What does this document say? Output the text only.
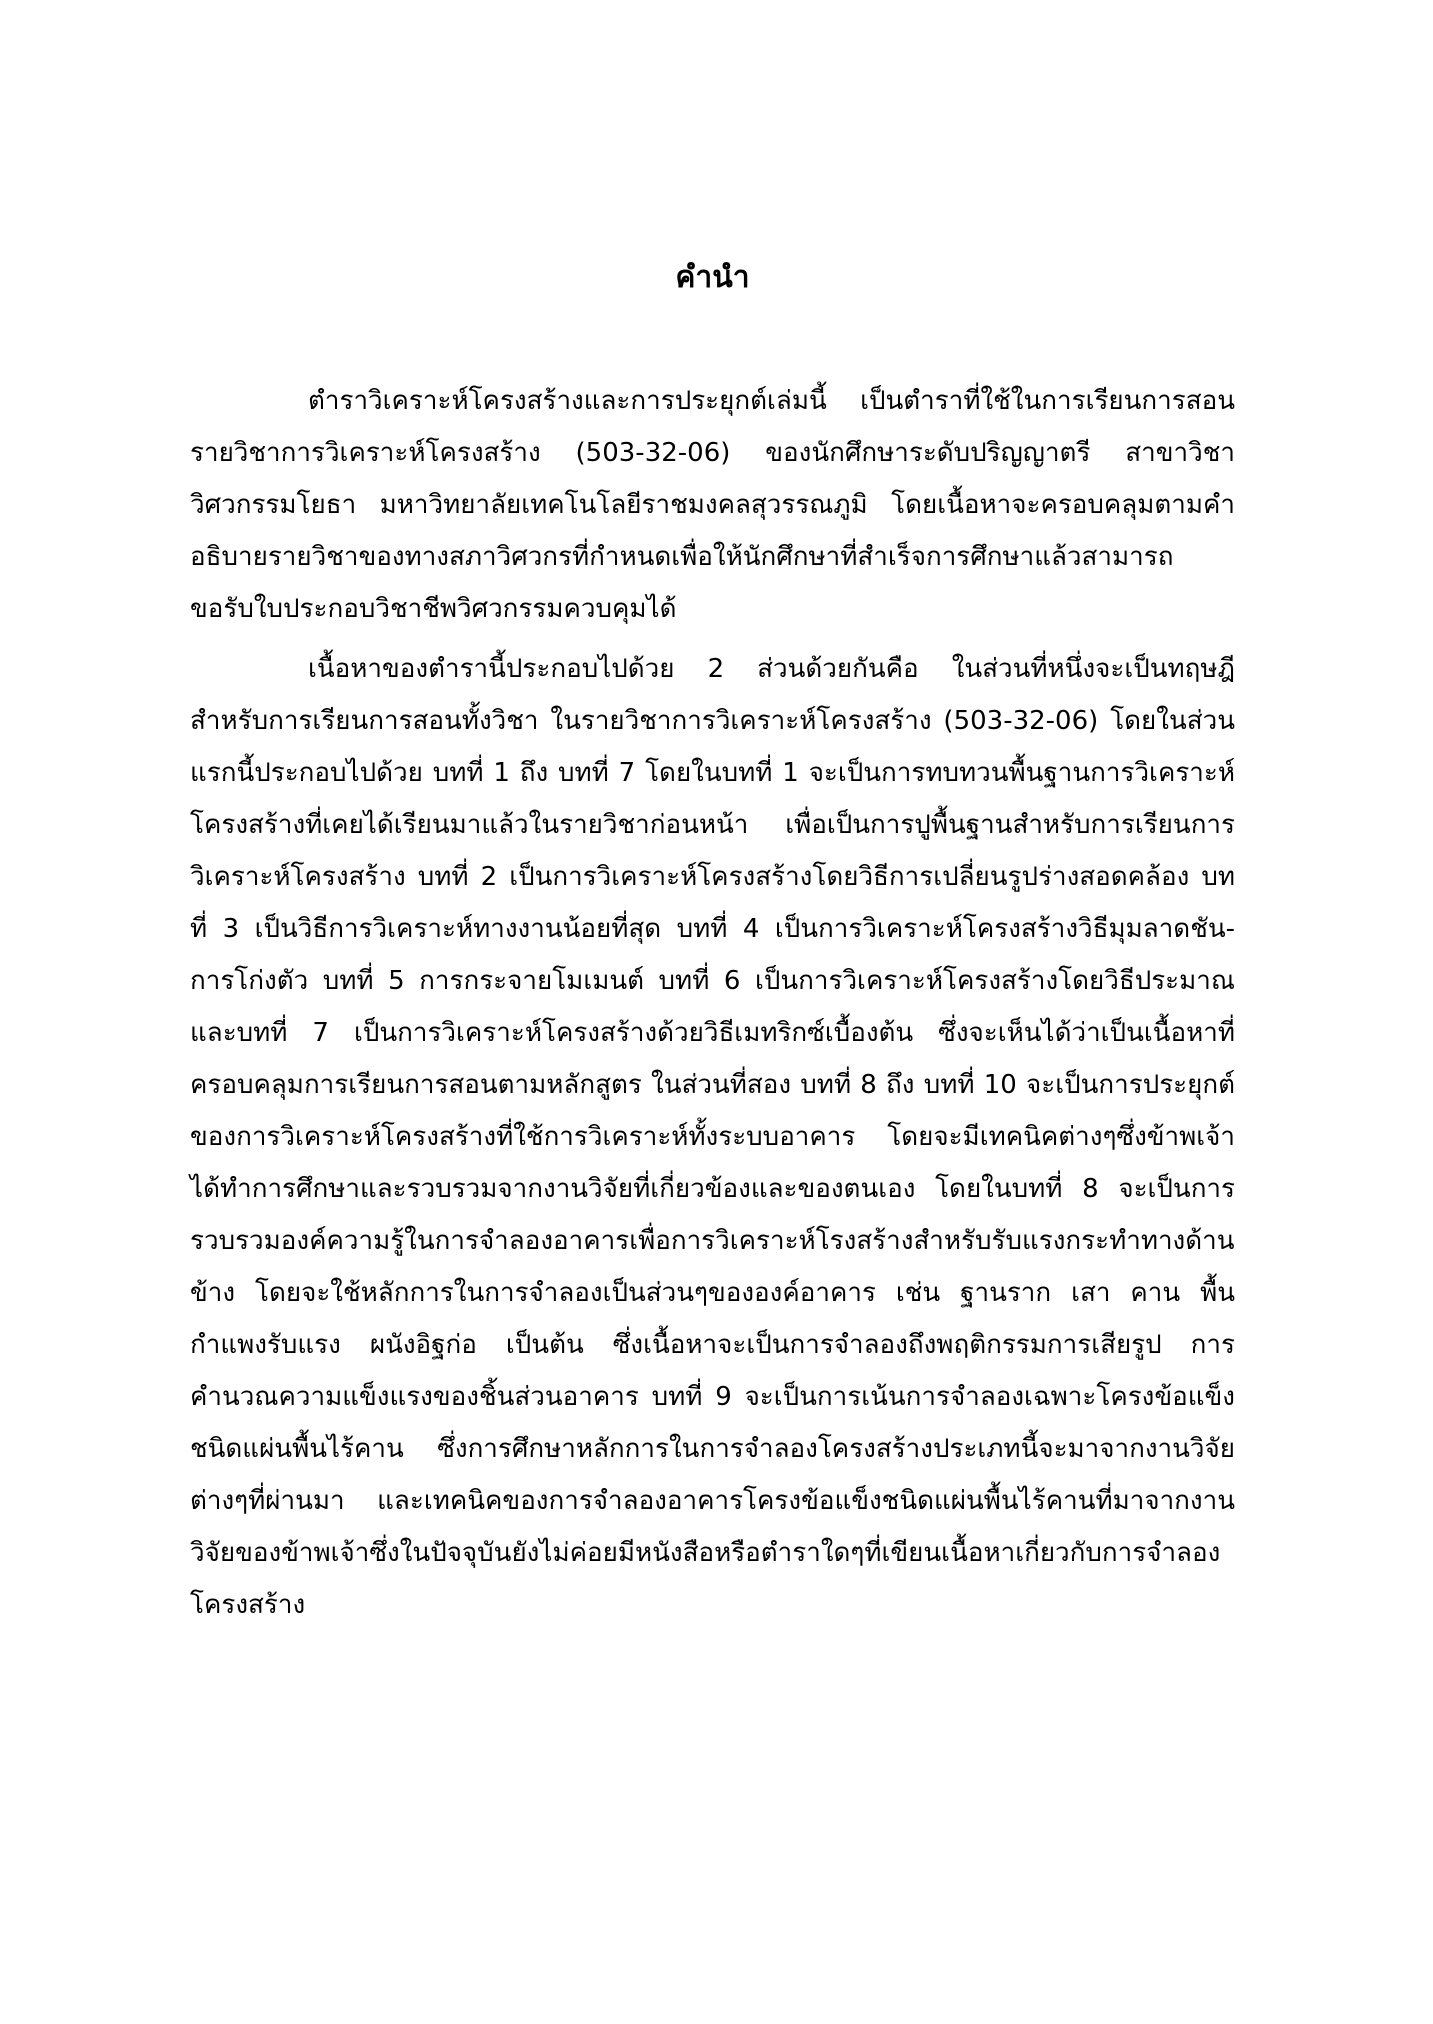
คำนำ

ตำราวิเคราะห์โครงสร้างและการประยุกต์เล่มนี้ เป็นตำราที่ใช้ในการเรียนการสอนรายวิชาการวิเคราะห์โครงสร้าง (503-32-06) ของนักศึกษาระดับปริญญาตรี สาขาวิชาวิศวกรรมโยธา มหาวิทยาลัยเทคโนโลยีราชมงคลสุวรรณภูมิ โดยเนื้อหาจะครอบคลุมตามคำอธิบายรายวิชาของทางสภาวิศวกรที่กำหนดเพื่อให้นักศึกษาที่สำเร็จการศึกษาแล้วสามารถขอรับใบประกอบวิชาชีพวิศวกรรมควบคุมได้

เนื้อหาของตำรานี้ประกอบไปด้วย 2 ส่วนด้วยกันคือ ในส่วนที่หนึ่งจะเป็นทฤษฎีสำหรับการเรียนการสอนทั้งวิชา ในรายวิชาการวิเคราะห์โครงสร้าง (503-32-06) โดยในส่วนแรกนี้ประกอบไปด้วย บทที่ 1 ถึง บทที่ 7 โดยในบทที่ 1 จะเป็นการทบทวนพื้นฐานการวิเคราะห์โครงสร้างที่เคยได้เรียนมาแล้วในรายวิชาก่อนหน้า เพื่อเป็นการปูพื้นฐานสำหรับการเรียนการวิเคราะห์โครงสร้าง บทที่ 2 เป็นการวิเคราะห์โครงสร้างโดยวิธีการเปลี่ยนรูปร่างสอดคล้อง บทที่ 3 เป็นวิธีการวิเคราะห์ทางงานน้อยที่สุด บทที่ 4 เป็นการวิเคราะห์โครงสร้างวิธีมุมลาดชัน-การโก่งตัว บทที่ 5 การกระจายโมเมนต์ บทที่ 6 เป็นการวิเคราะห์โครงสร้างโดยวิธีประมาณ และบทที่ 7 เป็นการวิเคราะห์โครงสร้างด้วยวิธีเมทริกซ์เบื้องต้น ซึ่งจะเห็นได้ว่าเป็นเนื้อหาที่ครอบคลุมการเรียนการสอนตามหลักสูตร ในส่วนที่สอง บทที่ 8 ถึง บทที่ 10 จะเป็นการประยุกต์ของการวิเคราะห์โครงสร้างที่ใช้การวิเคราะห์ทั้งระบบอาคาร โดยจะมีเทคนิคต่างๆซึ่งข้าพเจ้าได้ทำการศึกษาและรวบรวมจากงานวิจัยที่เกี่ยวข้องและของตนเอง โดยในบทที่ 8 จะเป็นการรวบรวมองค์ความรู้ในการจำลองอาคารเพื่อการวิเคราะห์โรงสร้างสำหรับรับแรงกระทำทางด้านข้าง โดยจะใช้หลักการในการจำลองเป็นส่วนๆขององค์อาคาร เช่น ฐานราก เสา คาน พื้น กำแพงรับแรง ผนังอิฐก่อ เป็นต้น ซึ่งเนื้อหาจะเป็นการจำลองถึงพฤติกรรมการเสียรูป การคำนวณความแข็งแรงของชิ้นส่วนอาคาร บทที่ 9 จะเป็นการเน้นการจำลองเฉพาะโครงข้อแข็งชนิดแผ่นพื้นไร้คาน ซึ่งการศึกษาหลักการในการจำลองโครงสร้างประเภทนี้จะมาจากงานวิจัยต่างๆที่ผ่านมา และเทคนิคของการจำลองอาคารโครงข้อแข็งชนิดแผ่นพื้นไร้คานที่มาจากงานวิจัยของข้าพเจ้าซึ่งในปัจจุบันยังไม่ค่อยมีหนังสือหรือตำราใดๆที่เขียนเนื้อหาเกี่ยวกับการจำลองโครงสร้าง
